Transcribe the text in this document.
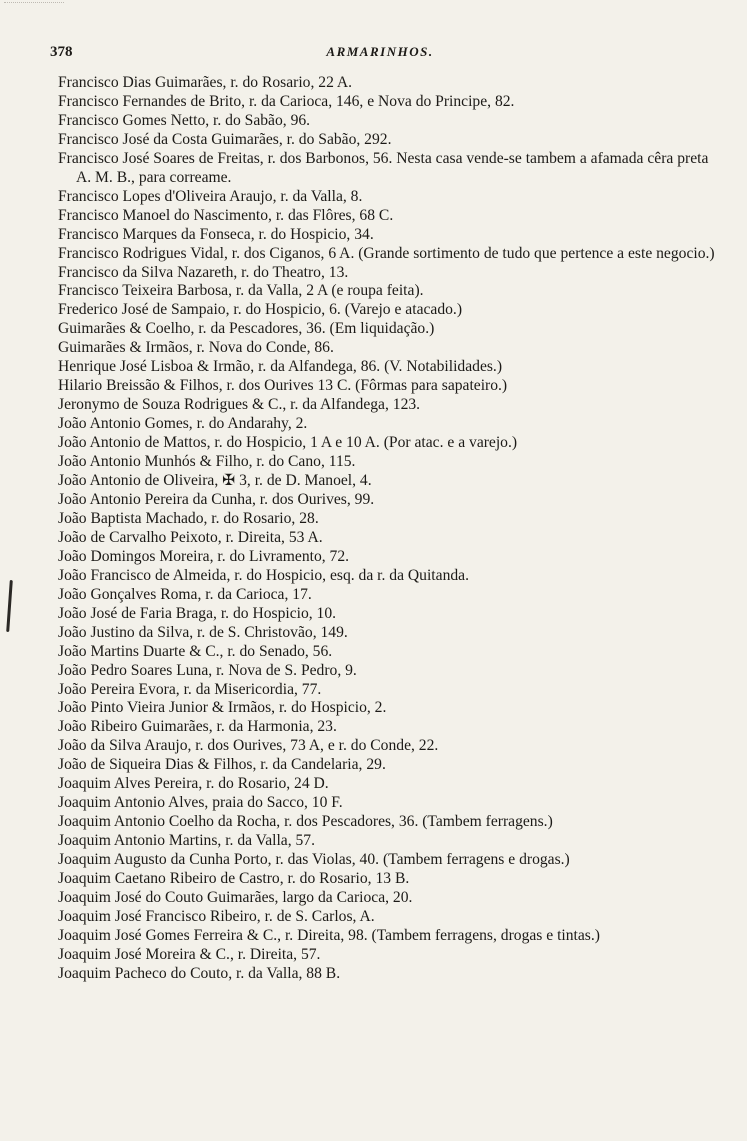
378	ARMARINHOS.

Francisco Dias Guimarães, r. do Rosario, 22 A.

Francisco Fernandes de Brito, r. da Carioca, 146, e Nova do Principe, 82.

Francisco Gomes Netto, r. do Sabão, 96.

Francisco José da Costa Guimarães, r. do Sabão, 292.

Francisco José Soares de Freitas, r. dos Barbonos, 56. Nesta casa vende-se tambem a afamada cêra preta A. M. B., para correame.

Francisco Lopes d'Oliveira Araujo, r. da Valla, 8.

Francisco Manoel do Nascimento, r. das Flôres, 68 C.

Francisco Marques da Fonseca, r. do Hospicio, 34.

Francisco Rodrigues Vidal, r. dos Ciganos, 6 A. (Grande sortimento de tudo que pertence a este negocio.)

Francisco da Silva Nazareth, r. do Theatro, 13.

Francisco Teixeira Barbosa, r. da Valla, 2 A (e roupa feita).

Frederico José de Sampaio, r. do Hospicio, 6. (Varejo e atacado.)

Guimarães & Coelho, r. da Pescadores, 36. (Em liquidação.)

Guimarães & Irmãos, r. Nova do Conde, 86.

Henrique José Lisboa & Irmão, r. da Alfandega, 86. (V. Notabilidades.)

Hilario Breissão & Filhos, r. dos Ourives 13 C. (Fôrmas para sapateiro.)

Jeronymo de Souza Rodrigues & C., r. da Alfandega, 123.

João Antonio Gomes, r. do Andarahy, 2.

João Antonio de Mattos, r. do Hospicio, 1 A e 10 A. (Por atac. e a varejo.)

João Antonio Munhós & Filho, r. do Cano, 115.

João Antonio de Oliveira, ✠ 3, r. de D. Manoel, 4.

João Antonio Pereira da Cunha, r. dos Ourives, 99.

João Baptista Machado, r. do Rosario, 28.

João de Carvalho Peixoto, r. Direita, 53 A.

João Domingos Moreira, r. do Livramento, 72.

João Francisco de Almeida, r. do Hospicio, esq. da r. da Quitanda.

João Gonçalves Roma, r. da Carioca, 17.

João José de Faria Braga, r. do Hospicio, 10.

João Justino da Silva, r. de S. Christovão, 149.

João Martins Duarte & C., r. do Senado, 56.

João Pedro Soares Luna, r. Nova de S. Pedro, 9.

João Pereira Evora, r. da Misericordia, 77.

João Pinto Vieira Junior & Irmãos, r. do Hospicio, 2.

João Ribeiro Guimarães, r. da Harmonia, 23.

João da Silva Araujo, r. dos Ourives, 73 A, e r. do Conde, 22.

João de Siqueira Dias & Filhos, r. da Candelaria, 29.

Joaquim Alves Pereira, r. do Rosario, 24 D.

Joaquim Antonio Alves, praia do Sacco, 10 F.

Joaquim Antonio Coelho da Rocha, r. dos Pescadores, 36. (Tambem ferragens.)

Joaquim Antonio Martins, r. da Valla, 57.

Joaquim Augusto da Cunha Porto, r. das Violas, 40. (Tambem ferragens e drogas.)

Joaquim Caetano Ribeiro de Castro, r. do Rosario, 13 B.

Joaquim José do Couto Guimarães, largo da Carioca, 20.

Joaquim José Francisco Ribeiro, r. de S. Carlos, A.

Joaquim José Gomes Ferreira & C., r. Direita, 98. (Tambem ferragens, drogas e tintas.)

Joaquim José Moreira & C., r. Direita, 57.

Joaquim Pacheco do Couto, r. da Valla, 88 B.
